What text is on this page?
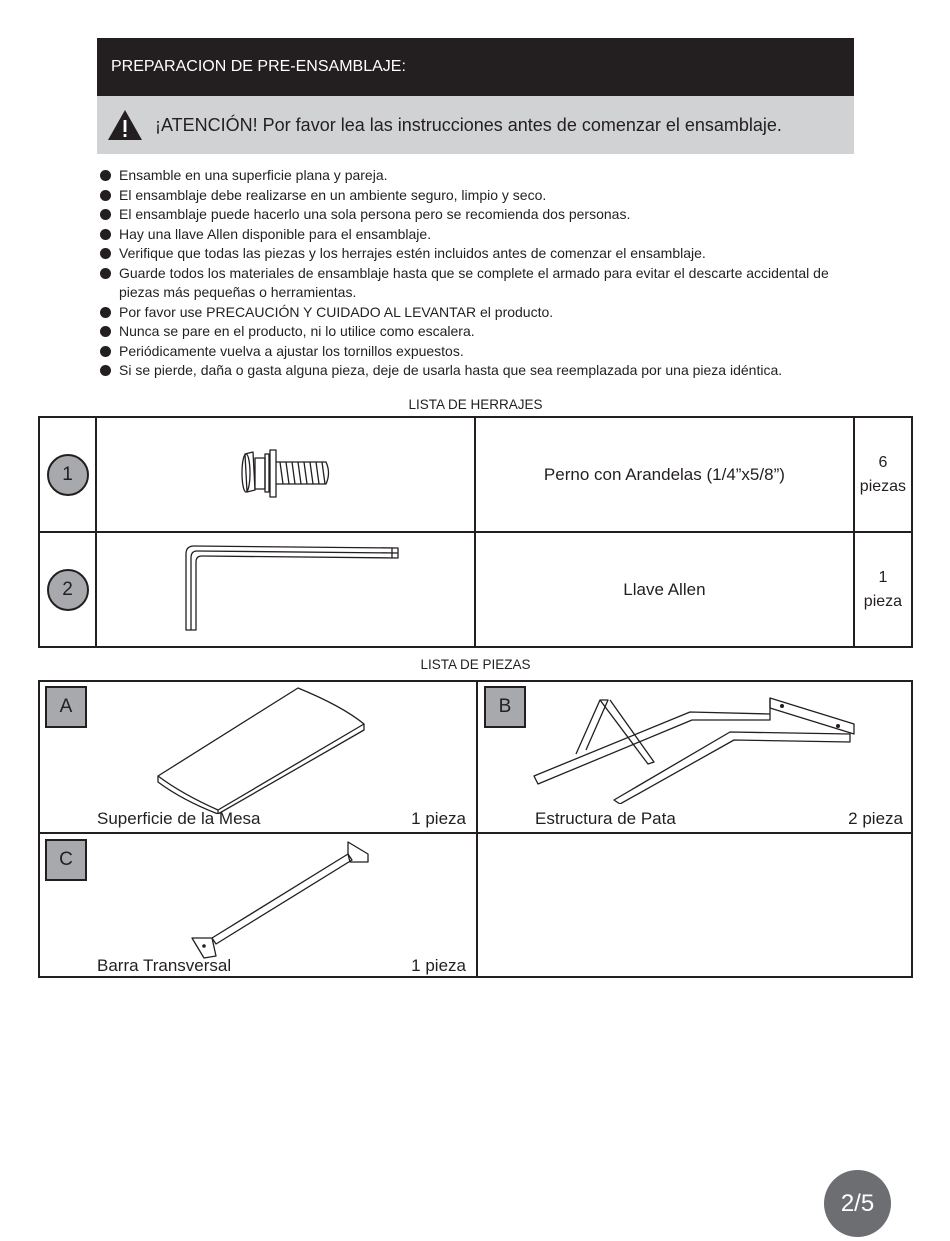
PREPARACION DE PRE-ENSAMBLAJE:
¡ATENCIÓN! Por favor lea las instrucciones antes de comenzar el ensamblaje.
Ensamble en una superficie plana y pareja.
El ensamblaje debe realizarse en un ambiente seguro, limpio y seco.
El ensamblaje puede hacerlo una sola persona pero se recomienda dos personas.
Hay una llave Allen disponible para el ensamblaje.
Verifique que todas las piezas y los herrajes estén incluidos antes de comenzar el ensamblaje.
Guarde todos los materiales de ensamblaje hasta que se complete el armado para evitar el descarte accidental de piezas más pequeñas o herramientas.
Por favor use PRECAUCIÓN Y CUIDADO AL LEVANTAR el producto.
Nunca se pare en el producto, ni lo utilice como escalera.
Periódicamente vuelva a ajustar los tornillos expuestos.
Si se pierde, daña o gasta alguna pieza, deje de usarla hasta que sea reemplazada por una pieza idéntica.
LISTA DE HERRAJES
1		Perno con Arandelas (1/4”x5/8”)	6
piezas

2		Llave Allen	1
pieza
LISTA DE PIEZAS
A
Superficie de la Mesa	1 pieza
B
Estructura de Pata	2 pieza
C
Barra Transversal	1 pieza
2/5
